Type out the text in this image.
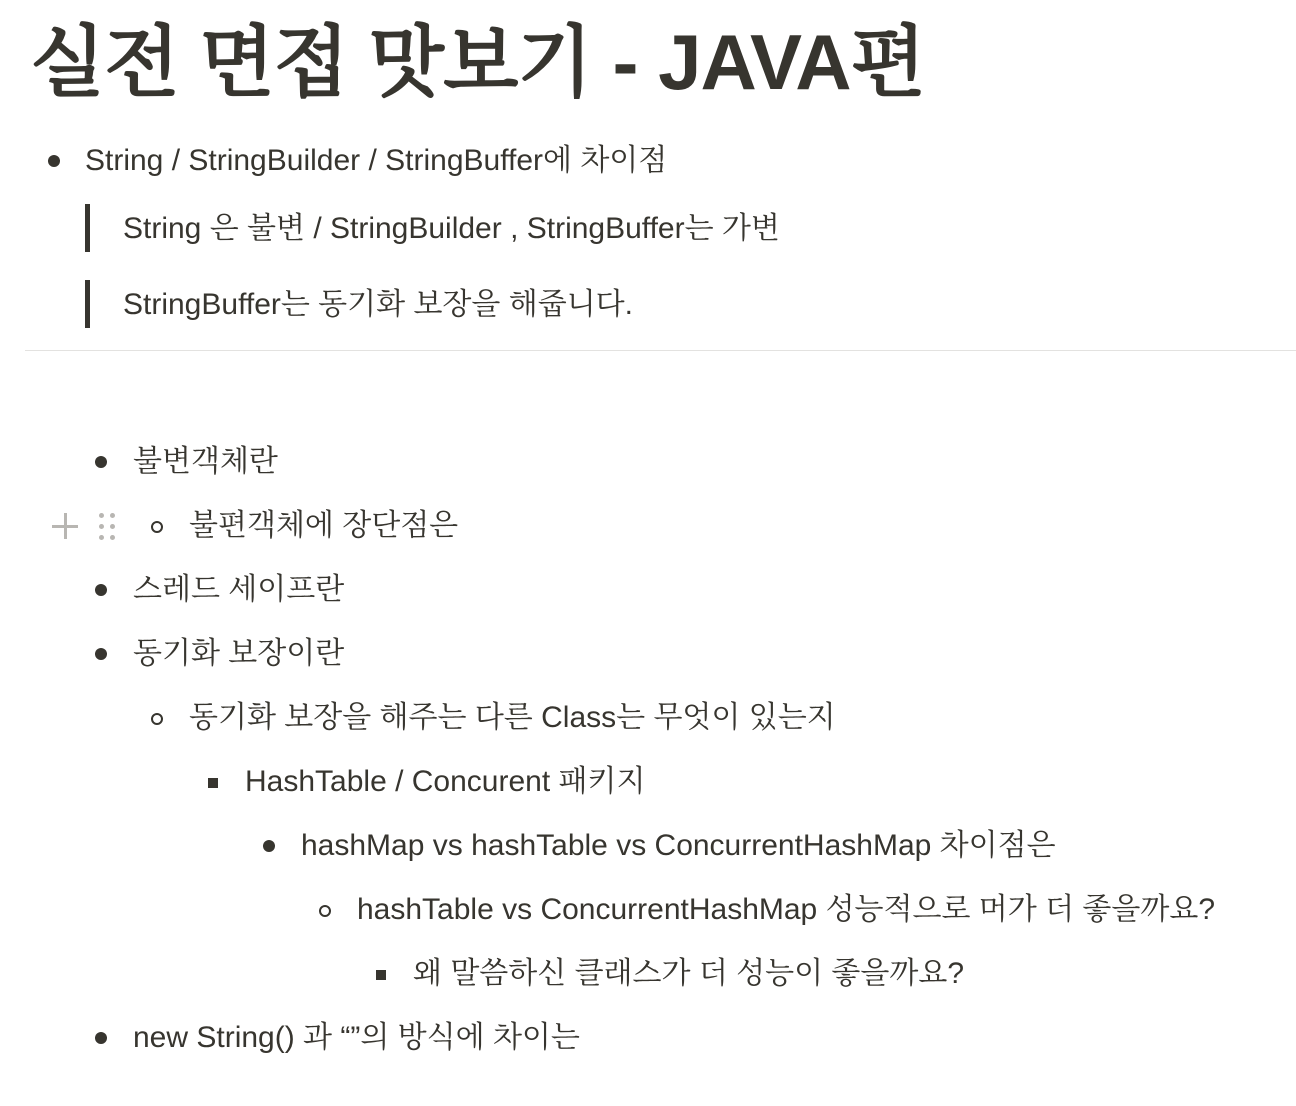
실전 면접 맛보기 - JAVA편
String / StringBuilder / StringBuffer에 차이점
String 은 불변 / StringBuilder , StringBuffer는 가변
StringBuffer는 동기화 보장을 해줍니다.
불변객체란
불편객체에 장단점은
스레드 세이프란
동기화 보장이란
동기화 보장을 해주는 다른 Class는 무엇이 있는지
HashTable / Concurent 패키지
hashMap vs hashTable vs ConcurrentHashMap 차이점은
hashTable vs ConcurrentHashMap 성능적으로 머가 더 좋을까요?
왜 말씀하신 클래스가 더 성능이 좋을까요?
new String() 과 “”의 방식에 차이는
